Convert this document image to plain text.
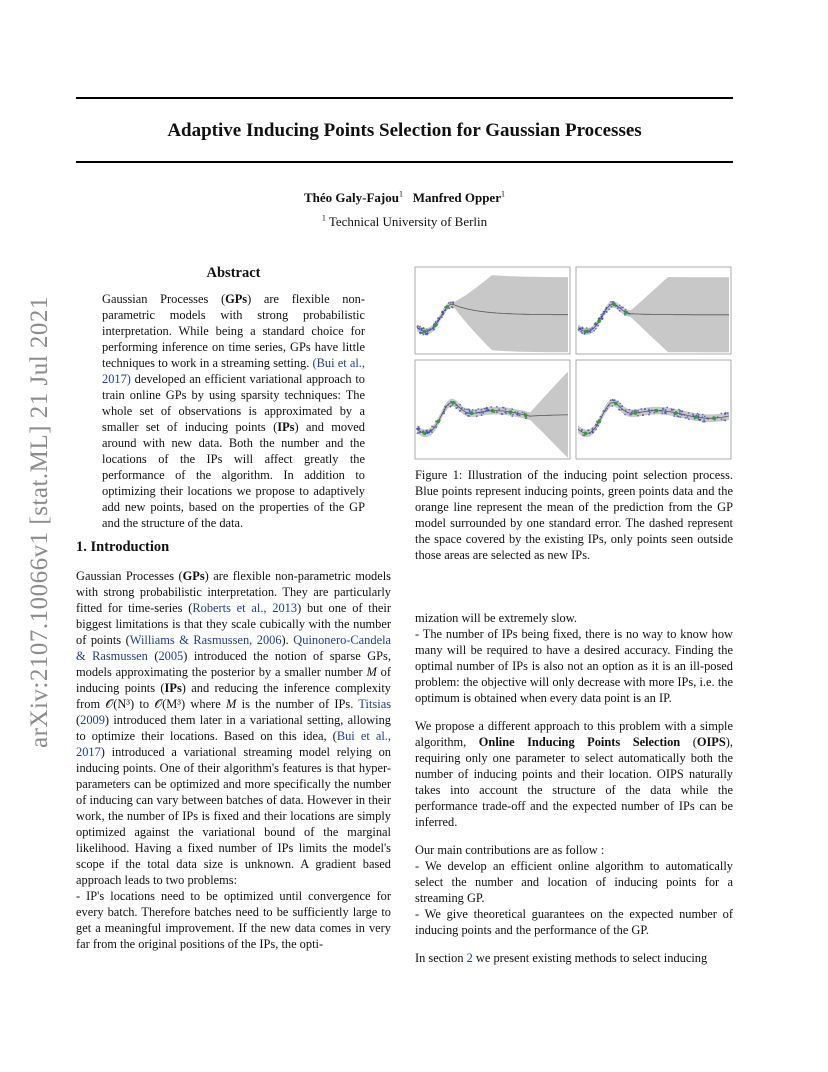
Adaptive Inducing Points Selection for Gaussian Processes
Théo Galy-Fajou$^1$ Manfred Opper$^1$
$^1$ Technical University of Berlin
arXiv:2107.10066v1 [stat.ML] 21 Jul 2021
Abstract

Gaussian Processes (GPs) are flexible non-parametric models with strong probabilistic interpretation. While being a standard choice for performing inference on time series, GPs have little techniques to work in a streaming setting. (Bui et al., 2017) developed an efficient variational approach to train online GPs by using sparsity techniques: The whole set of observations is approximated by a smaller set of inducing points (IPs) and moved around with new data. Both the number and the locations of the IPs will affect greatly the performance of the algorithm. In addition to optimizing their locations we propose to adaptively add new points, based on the properties of the GP and the structure of the data.

1. Introduction

Gaussian Processes (GPs) are flexible non-parametric models with strong probabilistic interpretation. They are particularly fitted for time-series (Roberts et al., 2013) but one of their biggest limitations is that they scale cubically with the number of points (Williams & Rasmussen, 2006). Quinonero-Candela & Rasmussen (2005) introduced the notion of sparse GPs, models approximating the posterior by a smaller number M of inducing points (IPs) and reducing the inference complexity from 𝒪(N³) to 𝒪(M³) where M is the number of IPs. Titsias (2009) introduced them later in a variational setting, allowing to optimize their locations. Based on this idea, (Bui et al., 2017) introduced a variational streaming model relying on inducing points. One of their algorithm's features is that hyper-parameters can be optimized and more specifically the number of inducing can vary between batches of data. However in their work, the number of IPs is fixed and their locations are simply optimized against the variational bound of the marginal likelihood. Having a fixed number of IPs limits the model's scope if the total data size is unknown. A gradient based approach leads to two problems:
- IP's locations need to be optimized until convergence for every batch. Therefore batches need to be sufficiently large to get a meaningful improvement. If the new data comes in very far from the original positions of the IPs, the opti-

Figure 1: Illustration of the inducing point selection process. Blue points represent inducing points, green points data and the orange line represent the mean of the prediction from the GP model surrounded by one standard error. The dashed represent the space covered by the existing IPs, only points seen outside those areas are selected as new IPs.

mization will be extremely slow.
- The number of IPs being fixed, there is no way to know how many will be required to have a desired accuracy. Finding the optimal number of IPs is also not an option as it is an ill-posed problem: the objective will only decrease with more IPs, i.e. the optimum is obtained when every data point is an IP.
We propose a different approach to this problem with a simple algorithm, Online Inducing Points Selection (OIPS), requiring only one parameter to select automatically both the number of inducing points and their location. OIPS naturally takes into account the structure of the data while the performance trade-off and the expected number of IPs can be inferred.
Our main contributions are as follow :
- We develop an efficient online algorithm to automatically select the number and location of inducing points for a streaming GP.
- We give theoretical guarantees on the expected number of inducing points and the performance of the GP.
In section 2 we present existing methods to select inducing
